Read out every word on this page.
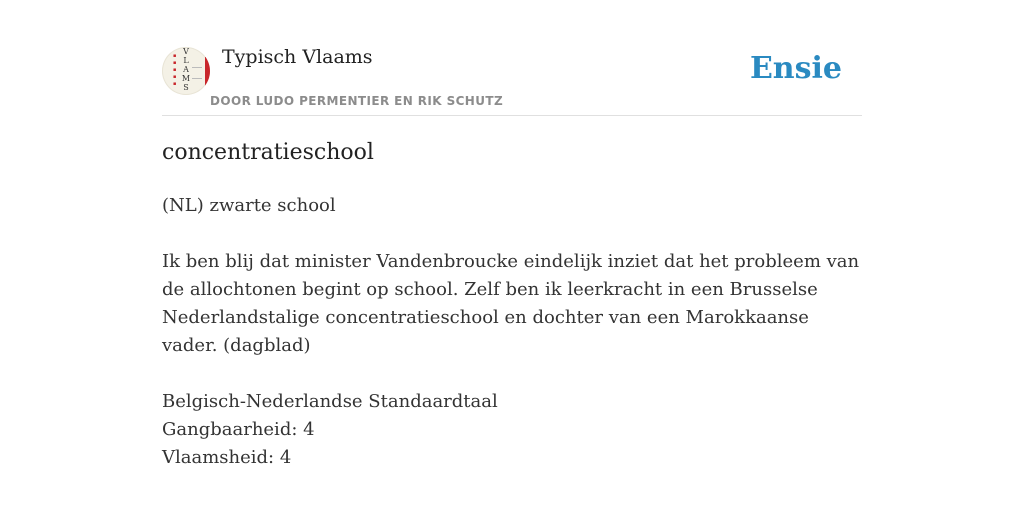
▪
▪
▪
▪
▪
V
L
A
M
S
Typisch Vlaams
DOOR LUDO PERMENTIER EN RIK SCHUTZ
Ensie
concentratieschool

(NL) zwarte school

Ik ben blij dat minister Vandenbroucke eindelijk inziet dat het probleem van de allochtonen begint op school. Zelf ben ik leerkracht in een Brusselse Nederlandstalige concentratieschool en dochter van een Marokkaanse vader. (dagblad)

Belgisch-Nederlandse Standaardtaal

Gangbaarheid: 4

Vlaamsheid: 4
